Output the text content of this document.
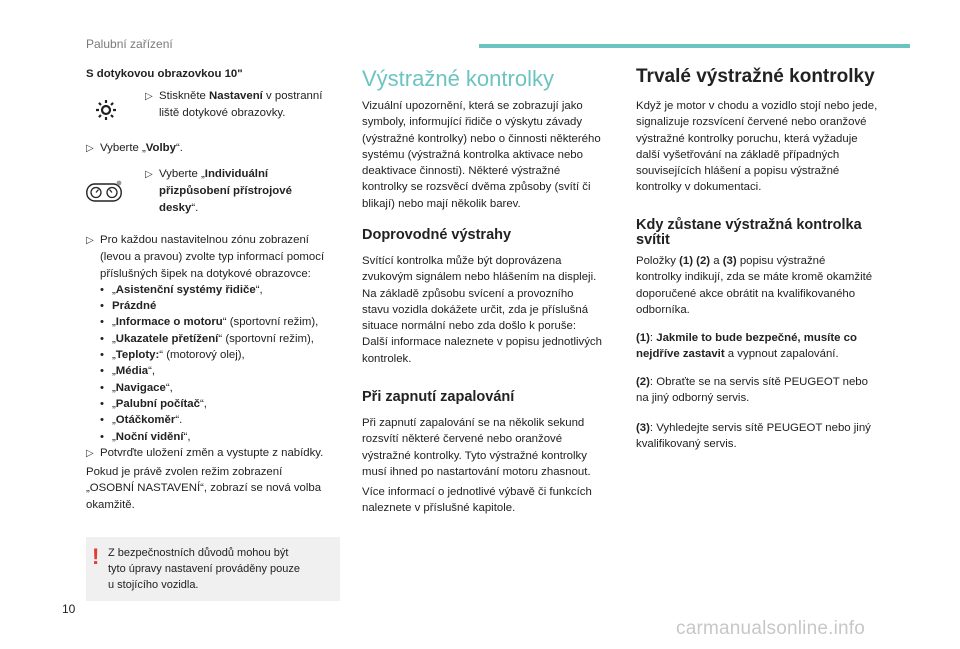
Palubní zařízení
S dotykovou obrazovkou 10"
▷ Stiskněte Nastavení v postranní
liště dotykové obrazovky.
▷ Vyberte „Volby“.
▷ Vyberte „Individuální
přizpůsobení přístrojové
desky“.
▷ Pro každou nastavitelnou zónu zobrazení
(levou a pravou) zvolte typ informací pomocí
příslušných šipek na dotykové obrazovce:
• „Asistenční systémy řidiče“,
• Prázdné
• „Informace o motoru“ (sportovní režim),
• „Ukazatele přetížení“ (sportovní režim),
• „Teploty:“ (motorový olej),
• „Média“,
• „Navigace“,
• „Palubní počítač“,
• „Otáčkoměr“.
• „Noční vidění“,
▷ Potvrďte uložení změn a vystupte z nabídky.
Pokud je právě zvolen režim zobrazení
„OSOBNÍ NASTAVENÍ“, zobrazí se nová volba
okamžitě.
! Z bezpečnostních důvodů mohou být
tyto úpravy nastavení prováděny pouze
u stojícího vozidla.
Výstražné kontrolky
Vizuální upozornění, která se zobrazují jako
symboly, informující řidiče o výskytu závady
(výstražné kontrolky) nebo o činnosti některého
systému (výstražná kontrolka aktivace nebo
deaktivace činnosti). Některé výstražné
kontrolky se rozsvěcí dvěma způsoby (svítí či
blikají) nebo mají několik barev.
Doprovodné výstrahy
Svítící kontrolka může být doprovázena
zvukovým signálem nebo hlášením na displeji.
Na základě způsobu svícení a provozního
stavu vozidla dokážete určit, zda je příslušná
situace normální nebo zda došlo k poruše:
Další informace naleznete v popisu jednotlivých
kontrolek.
Při zapnutí zapalování
Při zapnutí zapalování se na několik sekund
rozsvítí některé červené nebo oranžové
výstražné kontrolky. Tyto výstražné kontrolky
musí ihned po nastartování motoru zhasnout.
Více informací o jednotlivé výbavě či funkcích
naleznete v příslušné kapitole.
Trvalé výstražné kontrolky
Když je motor v chodu a vozidlo stojí nebo jede,
signalizuje rozsvícení červené nebo oranžové
výstražné kontrolky poruchu, která vyžaduje
další vyšetřování na základě případných
souvisejících hlášení a popisu výstražné
kontrolky v dokumentaci.
Kdy zůstane výstražná kontrolka
svítit
Položky (1) (2) a (3) popisu výstražné
kontrolky indikují, zda se máte kromě okamžité
doporučené akce obrátit na kvalifikovaného
odborníka.
(1): Jakmile to bude bezpečné, musíte co
nejdříve zastavit a vypnout zapalování.
(2): Obraťte se na servis sítě PEUGEOT nebo
na jiný odborný servis.
(3): Vyhledejte servis sítě PEUGEOT nebo jiný
kvalifikovaný servis.
10
carmanualsonline.info
